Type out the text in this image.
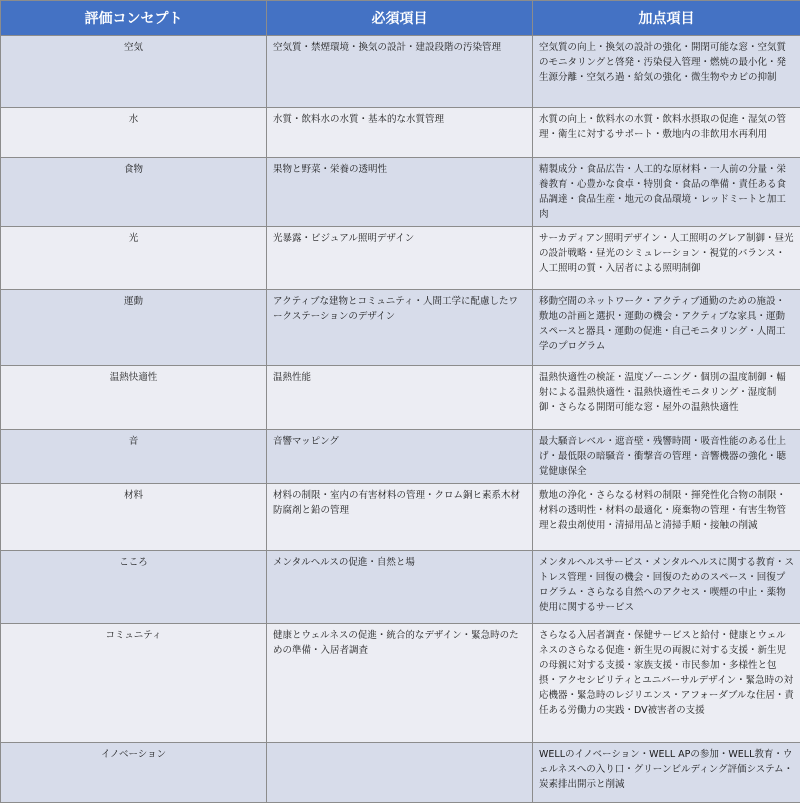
評価コンセプト	必須項目	加点項目
空気	空気質・禁煙環境・換気の設計・建設段階の汚染管理	空気質の向上・換気の設計の強化・開閉可能な窓・空気質のモニタリングと啓発・汚染侵入管理・燃焼の最小化・発生源分離・空気ろ過・給気の強化・微生物やカビの抑制
水	水質・飲料水の水質・基本的な水質管理	水質の向上・飲料水の水質・飲料水摂取の促進・湿気の管理・衛生に対するサポート・敷地内の非飲用水再利用
食物	果物と野菜・栄養の透明性	精製成分・食品広告・人工的な原材料・一人前の分量・栄養教育・心豊かな食卓・特別食・食品の準備・責任ある食品調達・食品生産・地元の食品環境・レッドミートと加工肉
光	光暴露・ビジュアル照明デザイン	サーカディアン照明デザイン・人工照明のグレア制御・昼光の設計戦略・昼光のシミュレーション・視覚的バランス・人工照明の質・入居者による照明制御
運動	アクティブな建物とコミュニティ・人間工学に配慮したワークステーションのデザイン	移動空間のネットワーク・アクティブ通勤のための施設・敷地の計画と選択・運動の機会・アクティブな家具・運動スペースと器具・運動の促進・自己モニタリング・人間工学のプログラム
温熱快適性	温熱性能	温熱快適性の検証・温度ゾーニング・個別の温度制御・輻射による温熱快適性・温熱快適性モニタリング・湿度制御・さらなる開閉可能な窓・屋外の温熱快適性
音	音響マッピング	最大騒音レベル・遮音壁・残響時間・吸音性能のある仕上げ・最低限の暗騒音・衝撃音の管理・音響機器の強化・聴覚健康保全
材料	材料の制限・室内の有害材料の管理・クロム銅ヒ素系木材防腐剤と鉛の管理	敷地の浄化・さらなる材料の制限・揮発性化合物の制限・材料の透明性・材料の最適化・廃棄物の管理・有害生物管理と殺虫剤使用・清掃用品と清掃手順・接触の削減
こころ	メンタルヘルスの促進・自然と場	メンタルヘルスサービス・メンタルヘルスに関する教育・ストレス管理・回復の機会・回復のためのスペース・回復プログラム・さらなる自然へのアクセス・喫煙の中止・薬物使用に関するサービス
コミュニティ	健康とウェルネスの促進・統合的なデザイン・緊急時のための準備・入居者調査	さらなる入居者調査・保健サービスと給付・健康とウェルネスのさらなる促進・新生児の両親に対する支援・新生児の母親に対する支援・家族支援・市民参加・多様性と包摂・アクセシビリティとユニバーサルデザイン・緊急時の対応機器・緊急時のレジリエンス・アフォーダブルな住居・責任ある労働力の実践・DV被害者の支援
イノベーション		WELLのイノベーション・WELL APの参加・WELL教育・ウェルネスへの入り口・グリーンビルディング評価システム・炭素排出開示と削減
